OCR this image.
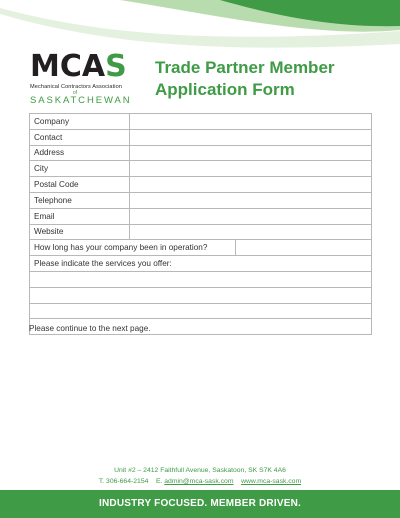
MCAS
Mechanical Contractors Association
of
SASKATCHEWAN
Trade Partner Member
Application Form
Company		
Contact		
Address		
City		
Postal Code		
Telephone		
Email		
Website		
How long has your company been in operation?		
Please indicate the services you offer:		

Please continue to the next page.
Unit #2 – 2412 Faithfull Avenue, Saskatoon, SK S7K 4A6
T. 306-664-2154 E. admin@mca-sask.com www.mca-sask.com
INDUSTRY FOCUSED. MEMBER DRIVEN.
